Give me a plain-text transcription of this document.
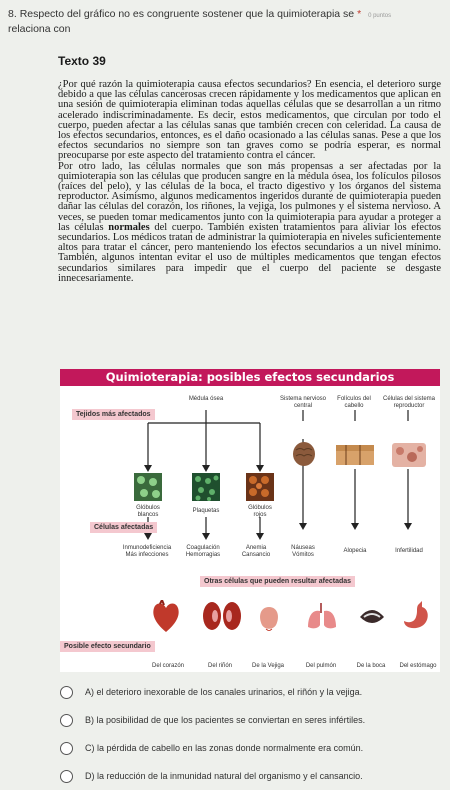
8. Respecto del gráfico no es congruente sostener que la quimioterapia se * 0 puntos
relaciona con
Texto 39

¿Por qué razón la quimioterapia causa efectos secundarios? En esencia, el deterioro surge debido a que las células cancerosas crecen rápidamente y los medicamentos que aplican en una sesión de quimioterapia eliminan todas aquellas células que se desarrollan a un ritmo acelerado indiscriminadamente. Es decir, estos medicamentos, que circulan por todo el cuerpo, pueden afectar a las células sanas que también crecen con celeridad. La causa de los efectos secundarios, entonces, es el daño ocasionado a las células sanas. Pese a que los efectos secundarios no siempre son tan graves como se podría esperar, es normal preocuparse por este aspecto del tratamiento contra el cáncer.

Por otro lado, las células normales que son más propensas a ser afectadas por la quimioterapia son las células que producen sangre en la médula ósea, los folículos pilosos (raíces del pelo), y las células de la boca, el tracto digestivo y los órganos del sistema reproductor. Asimismo, algunos medicamentos ingeridos durante de quimioterapia pueden dañar las células del corazón, los riñones, la vejiga, los pulmones y el sistema nervioso. A veces, se pueden tomar medicamentos junto con la quimioterapia para ayudar a proteger a las células normales del cuerpo. También existen tratamientos para aliviar los efectos secundarios. Los médicos tratan de administrar la quimioterapia en niveles suficientemente altos para tratar el cáncer, pero manteniendo los efectos secundarios a un nivel mínimo. También, algunos intentan evitar el uso de múltiples medicamentos que tengan efectos secundarios similares para impedir que el cuerpo del paciente se desgaste innecesariamente.

Quimioterapia: posibles efectos secundarios
Médula ósea	Sistema nervioso central
Folículos del cabello
Células del sistema reproductor
Tejidos más afectados
Glóbulos blancos
Plaquetas	Glóbulos rojos
Células afectadas
Inmunodeficiencia Más infecciones
Coagulación Hemorragias
Anemia Cansancio
Náuseas Vómitos
Alopecia	Infertilidad
Otras células que pueden resultar afectadas
Posible efecto secundario
Del corazón	Del riñón	De la Vejiga	Del pulmón	De la boca	Del estómago
A) el deterioro inexorable de los canales urinarios, el riñón y la vejiga.
B) la posibilidad de que los pacientes se conviertan en seres infértiles.
C) la pérdida de cabello en las zonas donde normalmente era común.
D) la reducción de la inmunidad natural del organismo y el cansancio.
